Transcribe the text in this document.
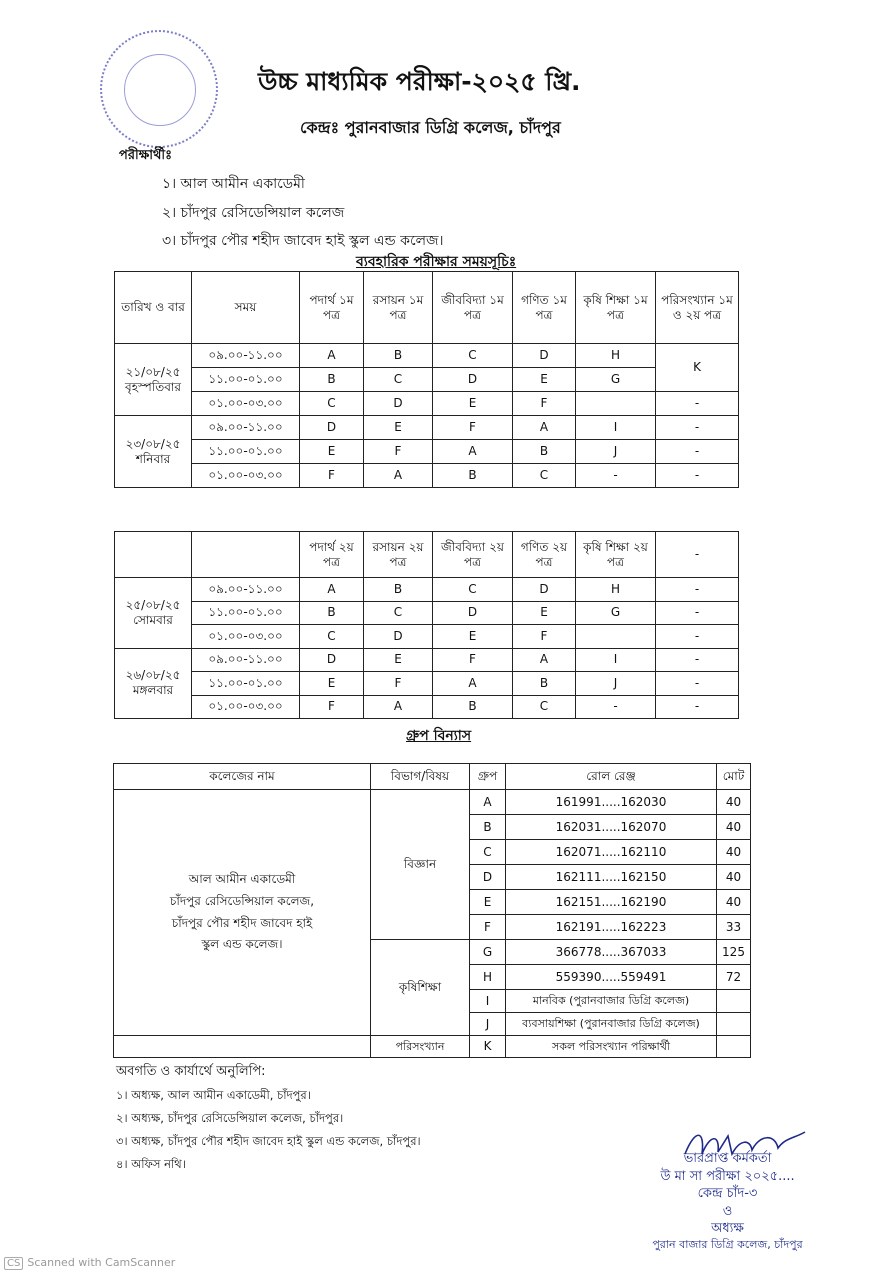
উচ্চ মাধ্যমিক পরীক্ষা-২০২৫ খ্রি.
কেন্দ্রঃ পুরানবাজার ডিগ্রি কলেজ, চাঁদপুর
পরীক্ষার্থীঃ
১। আল আমীন একাডেমী
২। চাঁদপুর রেসিডেন্সিয়াল কলেজ
৩। চাঁদপুর পৌর শহীদ জাবেদ হাই স্কুল এন্ড কলেজ।
ব্যবহারিক পরীক্ষার সময়সূচিঃ
তারিখ ও বার	সময়	পদার্থ ১ম পত্র	রসায়ন ১ম পত্র	জীববিদ্যা ১ম পত্র	গণিত ১ম পত্র	কৃষি শিক্ষা ১ম পত্র	পরিসংখ্যান ১ম ও ২য় পত্র
২১/০৮/২৫
বৃহস্পতিবার	০৯.০০-১১.০০	A	B	C	D	H	K
	১১.০০-০১.০০	B	C	D	E	G	
	০১.০০-০৩.০০	C	D	E	F		-
২৩/০৮/২৫
শনিবার	০৯.০০-১১.০০	D	E	F	A	I	-
	১১.০০-০১.০০	E	F	A	B	J	-
	০১.০০-০৩.০০	F	A	B	C	-	-
		পদার্থ ২য় পত্র	রসায়ন ২য় পত্র	জীববিদ্যা ২য় পত্র	গণিত ২য় পত্র	কৃষি শিক্ষা ২য় পত্র	-
২৫/০৮/২৫
সোমবার	০৯.০০-১১.০০	A	B	C	D	H	-
	১১.০০-০১.০০	B	C	D	E	G	-
	০১.০০-০৩.০০	C	D	E	F		-
২৬/০৮/২৫
মঙ্গলবার	০৯.০০-১১.০০	D	E	F	A	I	-
	১১.০০-০১.০০	E	F	A	B	J	-
	০১.০০-০৩.০০	F	A	B	C	-	-
গ্রুপ বিন্যাস
কলেজের নাম	বিভাগ/বিষয়	গ্রুপ	রোল রেঞ্জ	মোট
আল আমীন একাডেমী
চাঁদপুর রেসিডেন্সিয়াল কলেজ,
চাঁদপুর পৌর শহীদ জাবেদ হাই
স্কুল এন্ড কলেজ।	বিজ্ঞান	A	161991.....162030	40
		B	162031.....162070	40
		C	162071.....162110	40
		D	162111.....162150	40
		E	162151.....162190	40
		F	162191.....162223	33
	কৃষিশিক্ষা	G	366778.....367033	125
		H	559390.....559491	72
		I	মানবিক (পুরানবাজার ডিগ্রি কলেজ)	
		J	ব্যবসায়শিক্ষা (পুরানবাজার ডিগ্রি কলেজ)	
	পরিসংখ্যান	K	সকল পরিসংখ্যান পরিক্ষার্থী	
অবগতি ও কার্যার্থে অনুলিপি:
১। অধ্যক্ষ, আল আমীন একাডেমী, চাঁদপুর।
২। অধ্যক্ষ, চাঁদপুর রেসিডেন্সিয়াল কলেজ, চাঁদপুর।
৩। অধ্যক্ষ, চাঁদপুর পৌর শহীদ জাবেদ হাই স্কুল এন্ড কলেজ, চাঁদপুর।
৪। অফিস নথি।	ভারপ্রাপ্ত কর্মকর্তা
উ মা সা পরীক্ষা ২০২৫....
কেন্দ্র চাঁদ-৩
ও
অধ্যক্ষ
পুরান বাজার ডিগ্রি কলেজ, চাঁদপুর
CS Scanned with CamScanner
